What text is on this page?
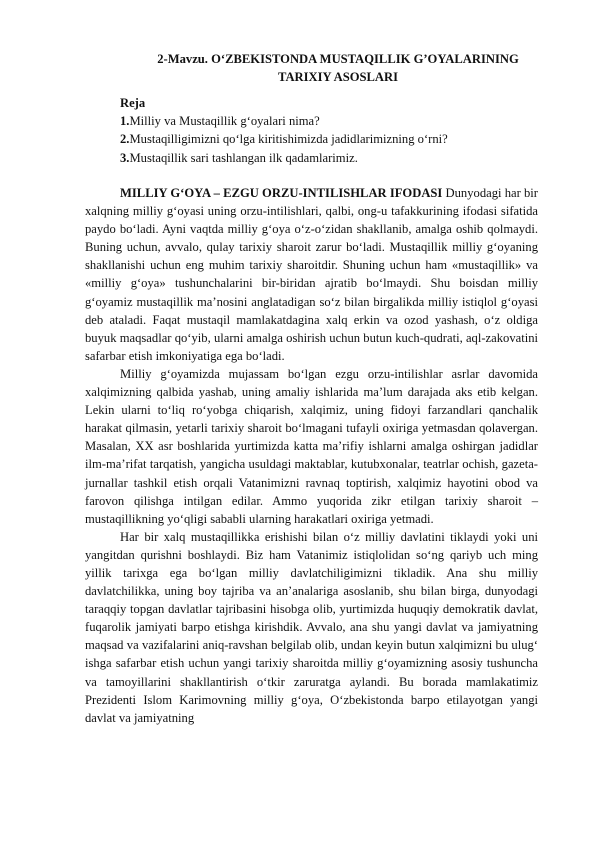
2-Mavzu. O‘ZBEKISTONDA MUSTAQILLIK G’OYALARINING
TARIXIY ASOSLARI
Reja
1.Milliy va Mustaqillik g‘oyalari nima?
2.Mustaqilligimizni qo‘lga kiritishimizda jadidlarimizning o‘rni?
3.Mustaqillik sari tashlangan ilk qadamlarimiz.

MILLIY G‘OYA – EZGU ORZU-INTILISHLAR IFODASI Dunyodagi har bir xalqning milliy g‘oyasi uning orzu-intilishlari, qalbi, ong-u tafakkurining ifodasi sifatida paydo bo‘ladi. Ayni vaqtda milliy g‘oya o‘z-o‘zidan shakllanib, amalga oshib qolmaydi. Buning uchun, avvalo, qulay tarixiy sharoit zarur bo‘ladi. Mustaqillik milliy g‘oyaning shakllanishi uchun eng muhim tarixiy sharoitdir. Shuning uchun ham «mustaqillik» va «milliy g‘oya» tushunchalarini bir-biridan ajratib bo‘lmaydi. Shu boisdan milliy g‘oyamiz mustaqillik ma’nosini anglatadigan so‘z bilan birgalikda milliy istiqlol g‘oyasi deb ataladi. Faqat mustaqil mamlakatdagina xalq erkin va ozod yashash, o‘z oldiga buyuk maqsadlar qo‘yib, ularni amalga oshirish uchun butun kuch-qudrati, aql-zakovatini safarbar etish imkoniyatiga ega bo‘ladi.

Milliy g‘oyamizda mujassam bo‘lgan ezgu orzu-intilishlar asrlar davomida xalqimizning qalbida yashab, uning amaliy ishlarida ma’lum darajada aks etib kelgan. Lekin ularni to‘liq ro‘yobga chiqarish, xalqimiz, uning fidoyi farzandlari qanchalik harakat qilmasin, yetarli tarixiy sharoit bo‘lmagani tufayli oxiriga yetmasdan qolavergan. Masalan, XX asr boshlarida yurtimizda katta ma’rifiy ishlarni amalga oshirgan jadidlar ilm-ma’rifat tarqatish, yangicha usuldagi maktablar, kutubxonalar, teatrlar ochish, gazeta-jurnallar tashkil etish orqali Vatanimizni ravnaq toptirish, xalqimiz hayotini obod va farovon qilishga intilgan edilar. Ammo yuqorida zikr etilgan tarixiy sharoit – mustaqillikning yo‘qligi sababli ularning harakatlari oxiriga yetmadi.

Har bir xalq mustaqillikka erishishi bilan o‘z milliy davlatini tiklaydi yoki uni yangitdan qurishni boshlaydi. Biz ham Vatanimiz istiqlolidan so‘ng qariyb uch ming yillik tarixga ega bo‘lgan milliy davlatchiligimizni tikladik. Ana shu milliy davlatchilikka, uning boy tajriba va an’analariga asoslanib, shu bilan birga, dunyodagi taraqqiy topgan davlatlar tajribasini hisobga olib, yurtimizda huquqiy demokratik davlat, fuqarolik jamiyati barpo etishga kirishdik. Avvalo, ana shu yangi davlat va jamiyatning maqsad va vazifalarini aniq-ravshan belgilab olib, undan keyin butun xalqimizni bu ulug‘ ishga safarbar etish uchun yangi tarixiy sharoitda milliy g‘oyamizning asosiy tushuncha va tamoyillarini shakllantirish o‘tkir zaruratga aylandi. Bu borada mamlakatimiz Prezidenti Islom Karimovning milliy g‘oya, O‘zbekistonda barpo etilayotgan yangi davlat va jamiyatning
